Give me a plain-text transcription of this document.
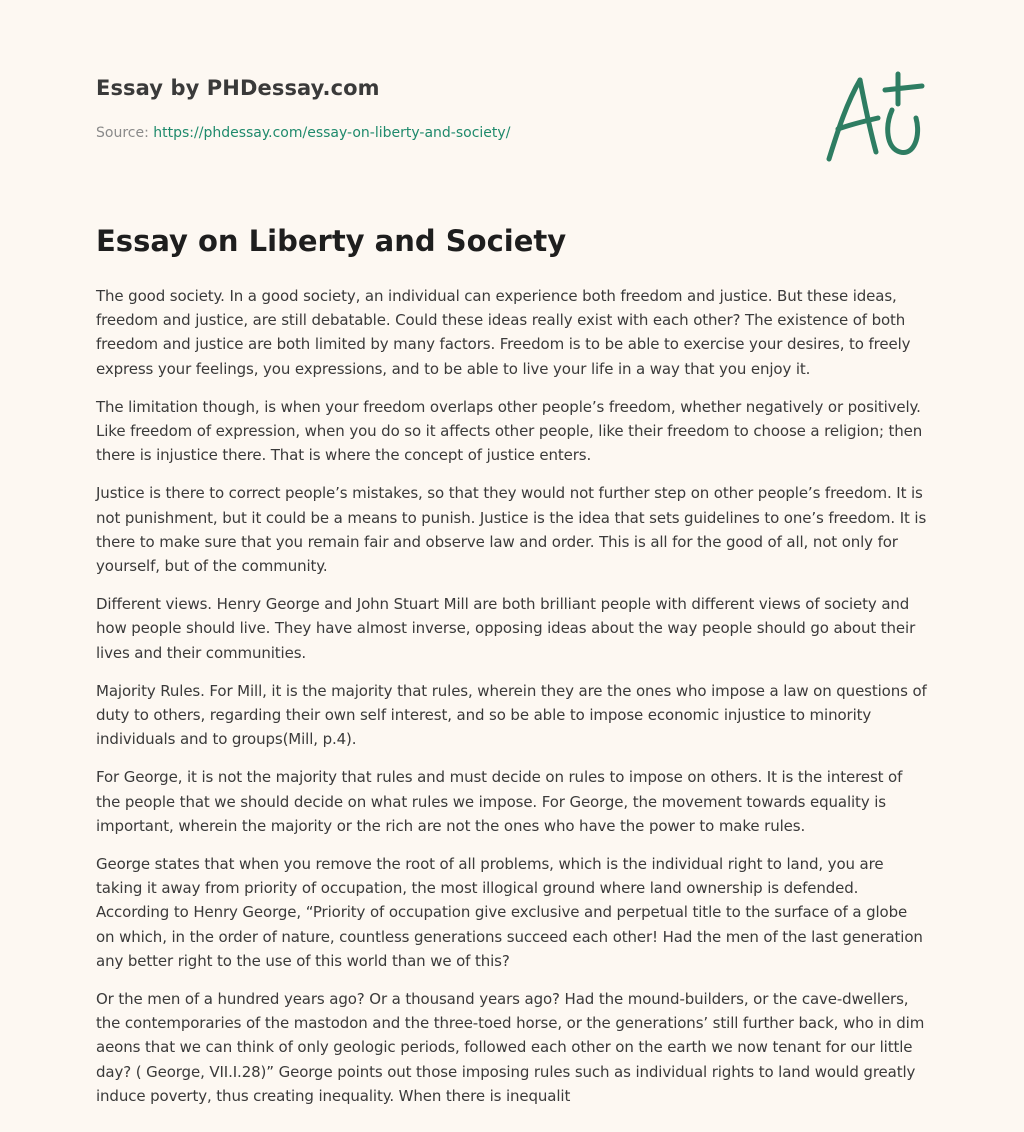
Essay by PHDessay.com
Source: https://phdessay.com/essay-on-liberty-and-society/
Essay on Liberty and Society

The good society. In a good society, an individual can experience both freedom and justice. But these ideas, freedom and justice, are still debatable. Could these ideas really exist with each other? The existence of both freedom and justice are both limited by many factors. Freedom is to be able to exercise your desires, to freely express your feelings, you expressions, and to be able to live your life in a way that you enjoy it.

The limitation though, is when your freedom overlaps other people’s freedom, whether negatively or positively. Like freedom of expression, when you do so it affects other people, like their freedom to choose a religion; then there is injustice there. That is where the concept of justice enters.

Justice is there to correct people’s mistakes, so that they would not further step on other people’s freedom. It is not punishment, but it could be a means to punish. Justice is the idea that sets guidelines to one’s freedom. It is there to make sure that you remain fair and observe law and order. This is all for the good of all, not only for yourself, but of the community.

Different views. Henry George and John Stuart Mill are both brilliant people with different views of society and how people should live. They have almost inverse, opposing ideas about the way people should go about their lives and their communities.

Majority Rules. For Mill, it is the majority that rules, wherein they are the ones who impose a law on questions of duty to others, regarding their own self interest, and so be able to impose economic injustice to minority individuals and to groups(Mill, p.4).

For George, it is not the majority that rules and must decide on rules to impose on others. It is the interest of the people that we should decide on what rules we impose. For George, the movement towards equality is important, wherein the majority or the rich are not the ones who have the power to make rules.

George states that when you remove the root of all problems, which is the individual right to land, you are taking it away from priority of occupation, the most illogical ground where land ownership is defended. According to Henry George, “Priority of occupation give exclusive and perpetual title to the surface of a globe on which, in the order of nature, countless generations succeed each other! Had the men of the last generation any better right to the use of this world than we of this?

Or the men of a hundred years ago? Or a thousand years ago? Had the mound-builders, or the cave-dwellers, the contemporaries of the mastodon and the three-toed horse, or the generations’ still further back, who in dim aeons that we can think of only geologic periods, followed each other on the earth we now tenant for our little day? ( George, VII.I.28)” George points out those imposing rules such as individual rights to land would greatly induce poverty, thus creating inequality. When there is inequalit
